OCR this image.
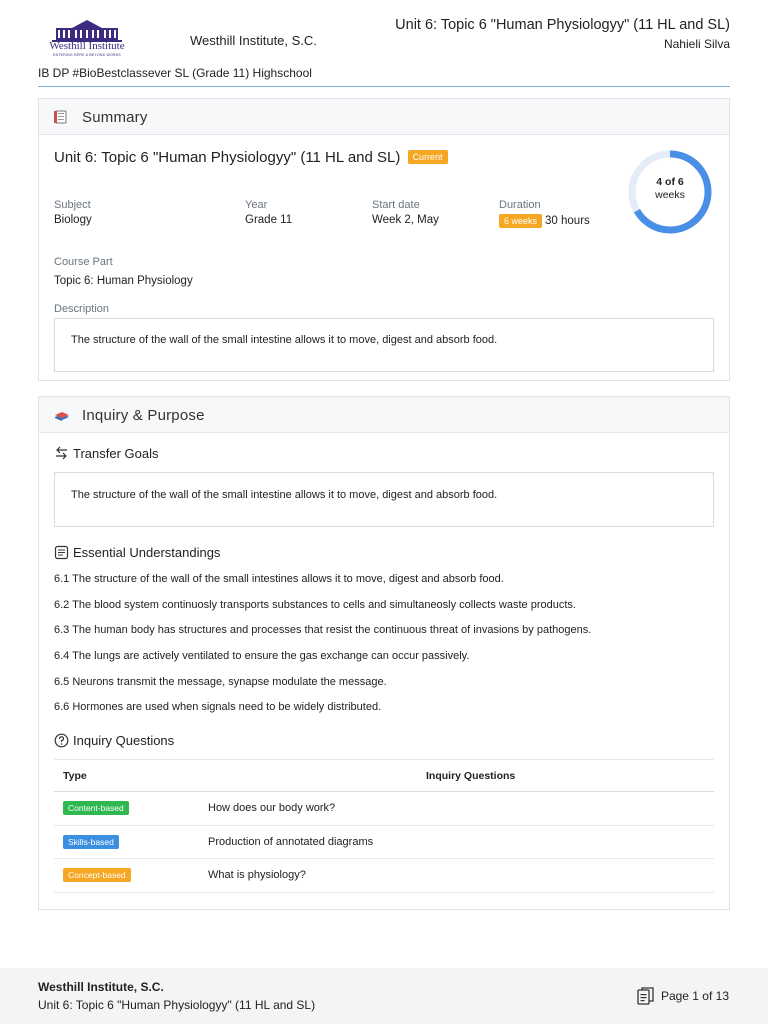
Westhill Institute
ENTERING HERE & BEYOND WORDS
Westhill Institute, S.C.
Unit 6: Topic 6 "Human Physiologyy" (11 HL and SL)
Nahieli Silva
IB DP #BioBestclassever SL (Grade 11) Highschool
Summary
Unit 6: Topic 6 "Human Physiologyy" (11 HL and SL) Current
Subject
Biology
Year
Grade 11
Start date
Week 2, May
Duration
6 weeks 30 hours
4 of 6
weeks
Course Part
Topic 6: Human Physiology
Description
The structure of the wall of the small intestine allows it to move, digest and absorb food.
Inquiry & Purpose
Transfer Goals
The structure of the wall of the small intestine allows it to move, digest and absorb food.
Essential Understandings
6.1 The structure of the wall of the small intestines allows it to move, digest and absorb food.
6.2 The blood system continuosly transports substances to cells and simultaneosly collects waste products.
6.3 The human body has structures and processes that resist the continuous threat of invasions by pathogens.
6.4 The lungs are actively ventilated to ensure the gas exchange can occur passively.
6.5 Neurons transmit the message, synapse modulate the message.
6.6 Hormones are used when signals need to be widely distributed.
Inquiry Questions
Type	Inquiry Questions
Content-based	How does our body work?
Skills-based	Production of annotated diagrams
Concept-based	What is physiology?
Westhill Institute, S.C.
Unit 6: Topic 6 "Human Physiologyy" (11 HL and SL)
Page 1 of 13
